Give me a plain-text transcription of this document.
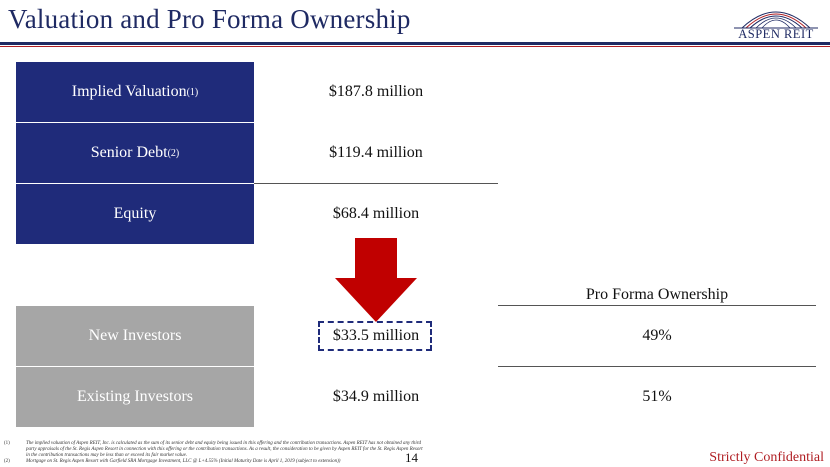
Valuation and Pro Forma Ownership	ASPEN REIT
Implied Valuation (1)	$187.8 million
Senior Debt (2)	$119.4 million
Equity	$68.4 million
Pro Forma Ownership
New Investors	$33.5 million	49%
Existing Investors	$34.9 million	51%
(1)	The implied valuation of Aspen REIT, Inc. is calculated as the sum of its senior debt and equity being issued in this offering and the contribution transactions. Aspen REIT has not obtained any third party appraisals of the St. Regis Aspen Resort in connection with this offering or the contribution transactions. As a result, the consideration to be given by Aspen REIT for the St. Regis Aspen Resort in the contribution transactions may be less than or exceed its fair market value.
(2)	Mortgage on St. Regis Aspen Resort with Garfield SRA Mortgage Investment, LLC @ L+4.55% (Initial Maturity Date is April 1, 2019 (subject to extension))	14	Strictly Confidential
